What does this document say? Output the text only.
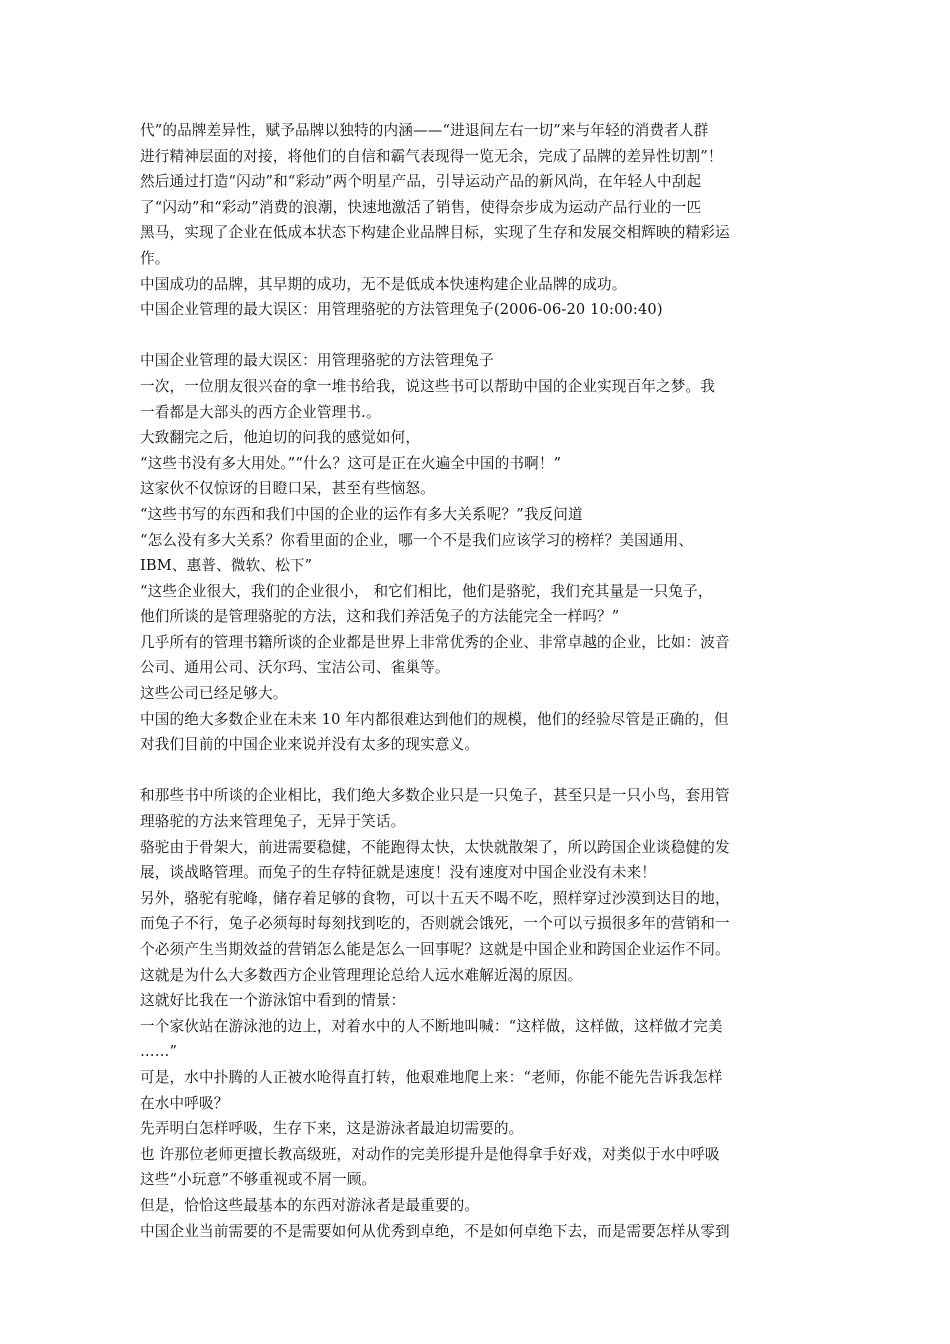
代”的品牌差异性，赋予品牌以独特的内涵——“进退间左右一切”来与年轻的消费者人群
进行精神层面的对接，将他们的自信和霸气表现得一览无余，完成了品牌的差异性切割”！
然后通过打造“闪动”和“彩动”两个明星产品，引导运动产品的新风尚，在年轻人中刮起
了“闪动”和“彩动”消费的浪潮，快速地激活了销售，使得奈步成为运动产品行业的一匹
黑马，实现了企业在低成本状态下构建企业品牌目标，实现了生存和发展交相辉映的精彩运
作。
中国成功的品牌，其早期的成功，无不是低成本快速构建企业品牌的成功。
中国企业管理的最大误区：用管理骆驼的方法管理兔子(2006-06-20 10:00:40)
中国企业管理的最大误区：用管理骆驼的方法管理兔子
一次，一位朋友很兴奋的拿一堆书给我，说这些书可以帮助中国的企业实现百年之梦。我
一看都是大部头的西方企业管理书.。
大致翻完之后，他迫切的问我的感觉如何，
“这些书没有多大用处。”“什么？这可是正在火遍全中国的书啊！”
这家伙不仅惊讶的目瞪口呆，甚至有些恼怒。
“这些书写的东西和我们中国的企业的运作有多大关系呢？”我反问道
“怎么没有多大关系？你看里面的企业，哪一个不是我们应该学习的榜样？美国通用、
IBM、惠普、微软、松下”
“这些企业很大，我们的企业很小， 和它们相比，他们是骆驼，我们充其量是一只兔子，
他们所谈的是管理骆驼的方法，这和我们养活兔子的方法能完全一样吗？”
几乎所有的管理书籍所谈的企业都是世界上非常优秀的企业、非常卓越的企业，比如：波音
公司、通用公司、沃尔玛、宝洁公司、雀巢等。
这些公司已经足够大。
中国的绝大多数企业在未来 10 年内都很难达到他们的规模，他们的经验尽管是正确的，但
对我们目前的中国企业来说并没有太多的现实意义。
和那些书中所谈的企业相比，我们绝大多数企业只是一只兔子，甚至只是一只小鸟，套用管
理骆驼的方法来管理兔子，无异于笑话。
骆驼由于骨架大，前进需要稳健，不能跑得太快，太快就散架了，所以跨国企业谈稳健的发
展，谈战略管理。而兔子的生存特征就是速度！没有速度对中国企业没有未来！
另外，骆驼有驼峰，储存着足够的食物，可以十五天不喝不吃，照样穿过沙漠到达目的地，
而兔子不行，兔子必须每时每刻找到吃的，否则就会饿死，一个可以亏损很多年的营销和一
个必须产生当期效益的营销怎么能是怎么一回事呢？这就是中国企业和跨国企业运作不同。
这就是为什么大多数西方企业管理理论总给人远水难解近渴的原因。
这就好比我在一个游泳馆中看到的情景：
一个家伙站在游泳池的边上，对着水中的人不断地叫喊：“这样做，这样做，这样做才完美
……”
可是，水中扑腾的人正被水呛得直打转，他艰难地爬上来：“老师，你能不能先告诉我怎样
在水中呼吸？
先弄明白怎样呼吸，生存下来，这是游泳者最迫切需要的。
也 许那位老师更擅长教高级班，对动作的完美形提升是他得拿手好戏，对类似于水中呼吸
这些“小玩意”不够重视或不屑一顾。
但是，恰恰这些最基本的东西对游泳者是最重要的。
中国企业当前需要的不是需要如何从优秀到卓绝，不是如何卓绝下去，而是需要怎样从零到
